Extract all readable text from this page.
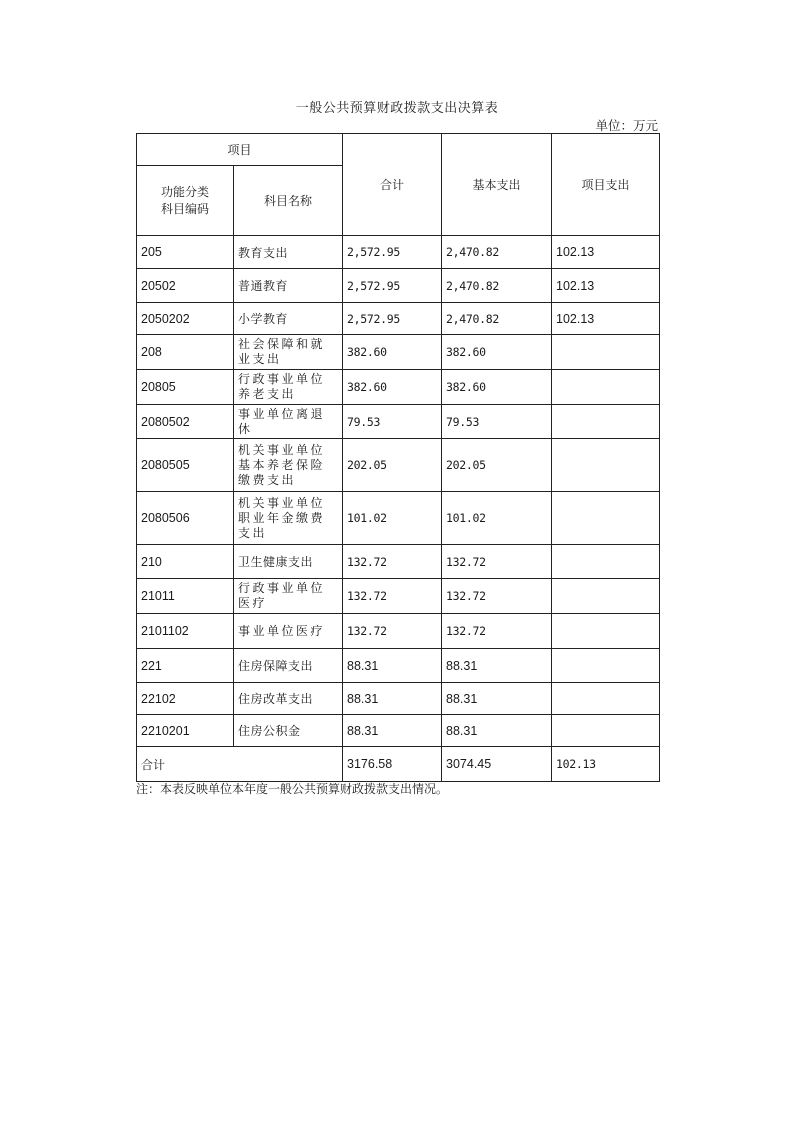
一般公共预算财政拨款支出决算表
单位：万元
项目		合计	基本支出	项目支出

功能分类
科目编码	科目名称			
205	教育支出	2,572.95	2,470.82	102.13
20502	普通教育	2,572.95	2,470.82	102.13
2050202	小学教育	2,572.95	2,470.82	102.13
208	社会保障和就业支出	382.60	382.60	
20805	行政事业单位养老支出	382.60	382.60	
2080502	事业单位离退休	79.53	79.53	
2080505	机关事业单位基本养老保险缴费支出	202.05	202.05	
2080506	机关事业单位职业年金缴费支出	101.02	101.02	
210	卫生健康支出	132.72	132.72	
21011	行政事业单位医疗	132.72	132.72	
2101102	事业单位医疗	132.72	132.72	
221	住房保障支出	88.31	88.31	
22102	住房改革支出	88.31	88.31	
2210201	住房公积金	88.31	88.31	
合计		3176.58	3074.45	102.13
注：本表反映单位本年度一般公共预算财政拨款支出情况。
